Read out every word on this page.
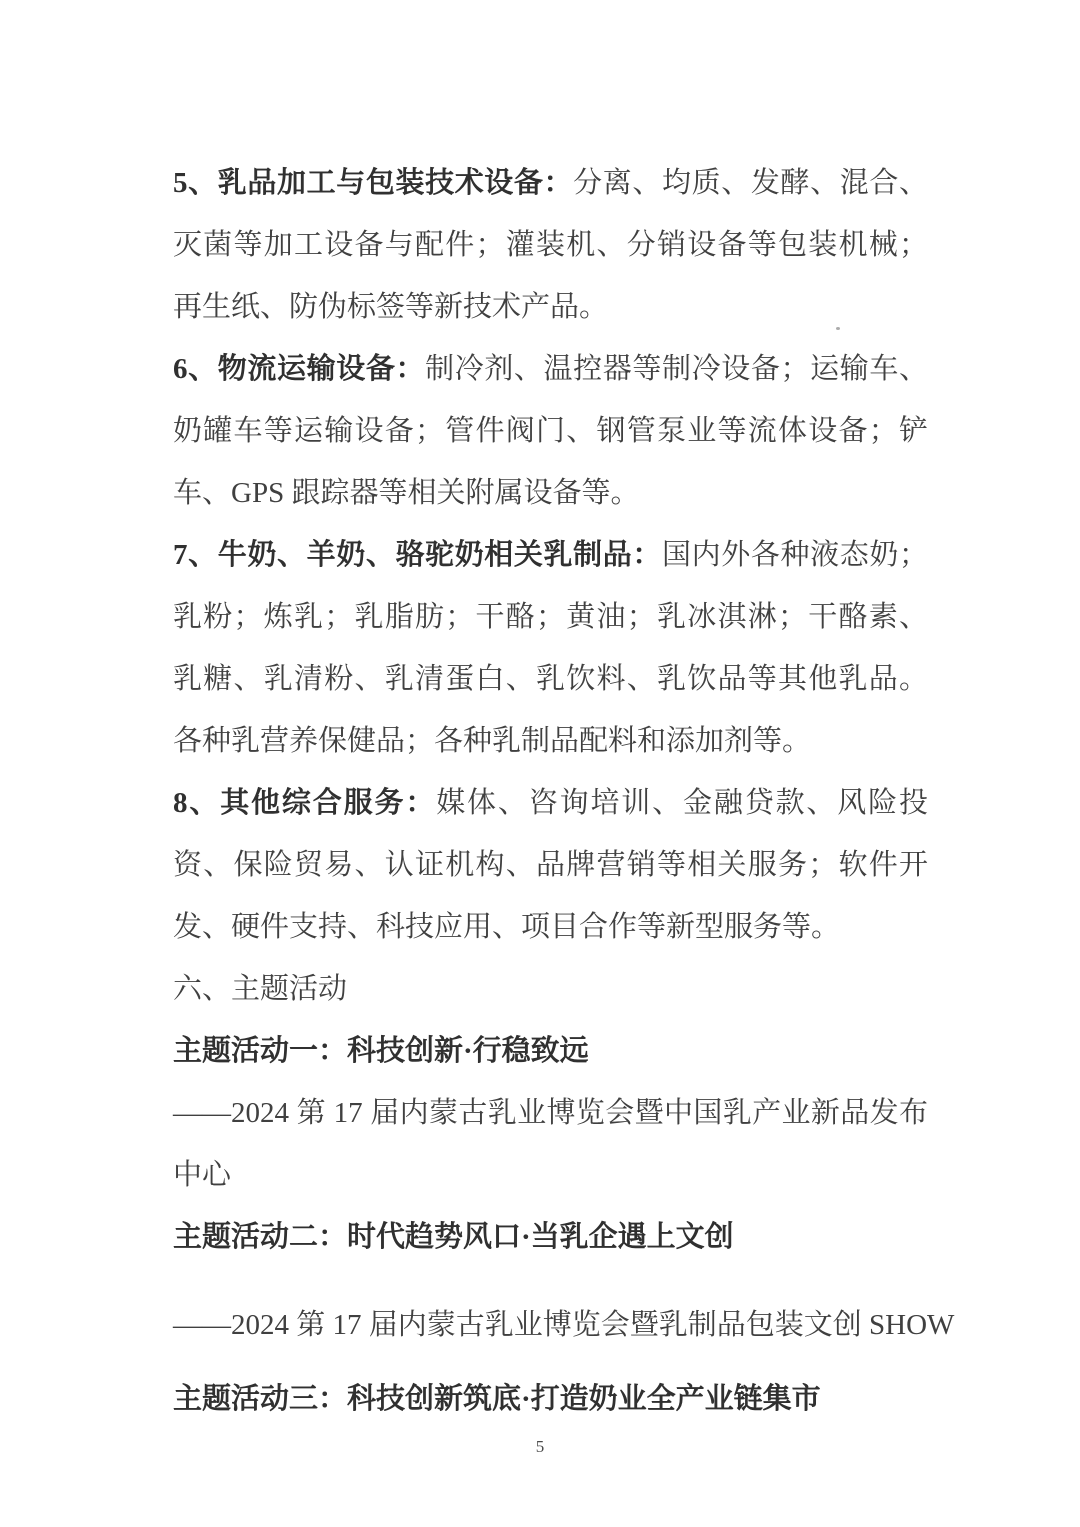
5、乳品加工与包装技术设备：分离、均质、发酵、混合、
灭菌等加工设备与配件；灌装机、分销设备等包装机械；
再生纸、防伪标签等新技术产品。
6、物流运输设备：制冷剂、温控器等制冷设备；运输车、
奶罐车等运输设备；管件阀门、钢管泵业等流体设备；铲
车、GPS 跟踪器等相关附属设备等。
7、牛奶、羊奶、骆驼奶相关乳制品：国内外各种液态奶；
乳粉；炼乳；乳脂肪；干酪；黄油；乳冰淇淋；干酪素、
乳糖、乳清粉、乳清蛋白、乳饮料、乳饮品等其他乳品。
各种乳营养保健品；各种乳制品配料和添加剂等。
8、其他综合服务：媒体、咨询培训、金融贷款、风险投
资、保险贸易、认证机构、品牌营销等相关服务；软件开
发、硬件支持、科技应用、项目合作等新型服务等。
六、主题活动
主题活动一：科技创新·行稳致远
——2024 第 17 届内蒙古乳业博览会暨中国乳产业新品发布
中心
主题活动二：时代趋势风口·当乳企遇上文创
——2024 第 17 届内蒙古乳业博览会暨乳制品包装文创 SHOW
主题活动三：科技创新筑底·打造奶业全产业链集市
5
